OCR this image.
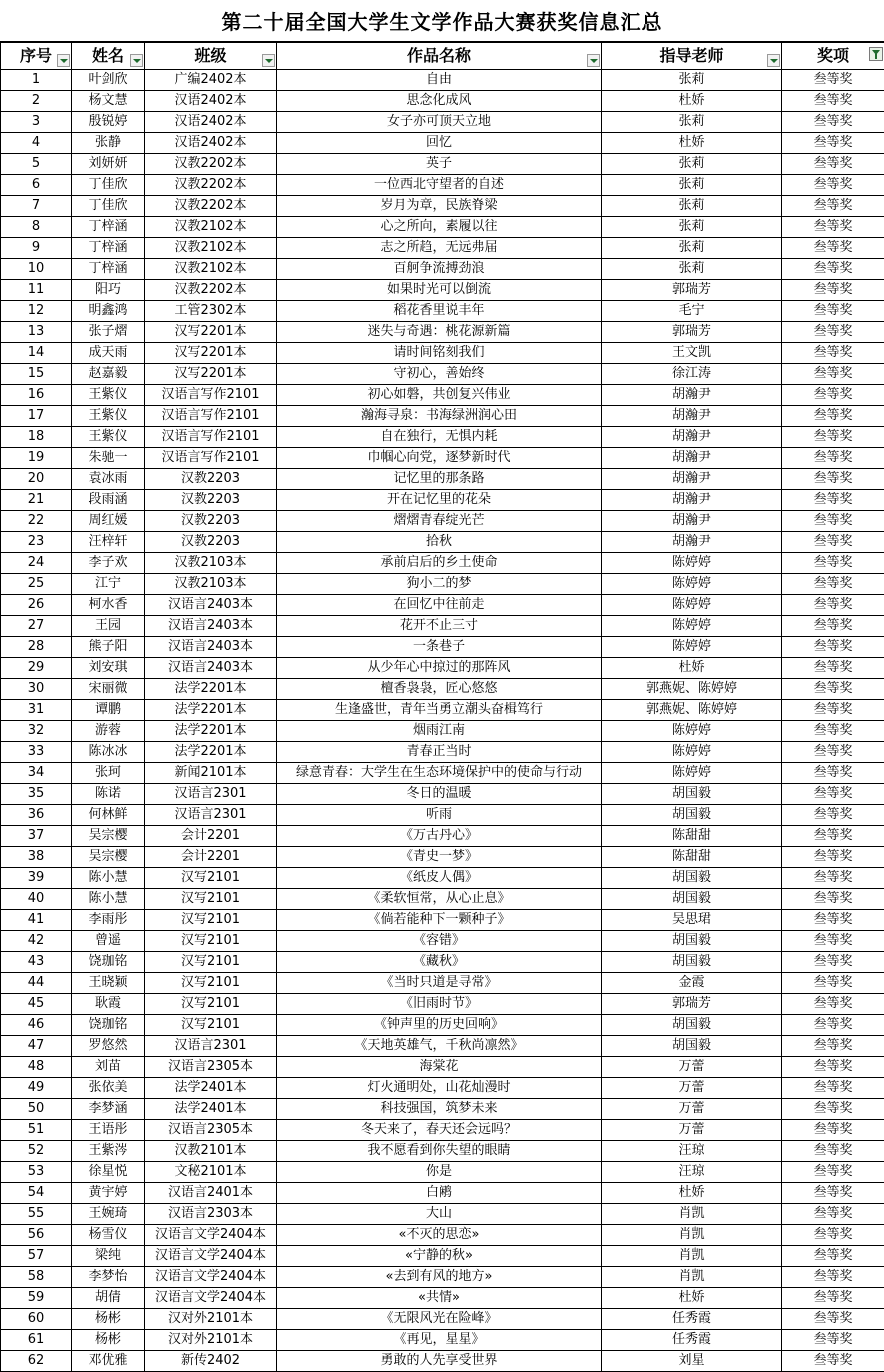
第二十届全国大学生文学作品大赛获奖信息汇总
序号	姓名	班级	作品名称	指导老师	奖项

1	叶剑欣	广编2402本	自由	张莉	叁等奖
2	杨文慧	汉语2402本	思念化成风	杜娇	叁等奖
3	殷锐婷	汉语2402本	女子亦可顶天立地	张莉	叁等奖
4	张静	汉语2402本	回忆	杜娇	叁等奖
5	刘妍妍	汉教2202本	英子	张莉	叁等奖
6	丁佳欣	汉教2202本	一位西北守望者的自述	张莉	叁等奖
7	丁佳欣	汉教2202本	岁月为章，民族脊梁	张莉	叁等奖
8	丁梓涵	汉教2102本	心之所向，素履以往	张莉	叁等奖
9	丁梓涵	汉教2102本	志之所趋，无远弗届	张莉	叁等奖
10	丁梓涵	汉教2102本	百舸争流搏劲浪	张莉	叁等奖
11	阳巧	汉教2202本	如果时光可以倒流	郭瑞芳	叁等奖
12	明鑫鸿	工管2302本	稻花香里说丰年	毛宁	叁等奖
13	张子熠	汉写2201本	迷失与奇遇：桃花源新篇	郭瑞芳	叁等奖
14	成天雨	汉写2201本	请时间铭刻我们	王文凯	叁等奖
15	赵嘉毅	汉写2201本	守初心，善始终	徐江涛	叁等奖
16	王紫仪	汉语言写作2101	初心如磐，共创复兴伟业	胡瀚尹	叁等奖
17	王紫仪	汉语言写作2101	瀚海寻泉：书海绿洲润心田	胡瀚尹	叁等奖
18	王紫仪	汉语言写作2101	自在独行，无惧内耗	胡瀚尹	叁等奖
19	朱驰一	汉语言写作2101	巾帼心向党，逐梦新时代	胡瀚尹	叁等奖
20	袁冰雨	汉教2203	记忆里的那条路	胡瀚尹	叁等奖
21	段雨涵	汉教2203	开在记忆里的花朵	胡瀚尹	叁等奖
22	周红媛	汉教2203	熠熠青春绽光芒	胡瀚尹	叁等奖
23	汪梓轩	汉教2203	拾秋	胡瀚尹	叁等奖
24	李子欢	汉教2103本	承前启后的乡土使命	陈婷婷	叁等奖
25	江宁	汉教2103本	狗小二的梦	陈婷婷	叁等奖
26	柯水香	汉语言2403本	在回忆中往前走	陈婷婷	叁等奖
27	王园	汉语言2403本	花开不止三寸	陈婷婷	叁等奖
28	熊子阳	汉语言2403本	一条巷子	陈婷婷	叁等奖
29	刘安琪	汉语言2403本	从少年心中掠过的那阵风	杜娇	叁等奖
30	宋丽微	法学2201本	檀香袅袅，匠心悠悠	郭燕妮、陈婷婷	叁等奖
31	谭鹏	法学2201本	生逢盛世，青年当勇立潮头奋楫笃行	郭燕妮、陈婷婷	叁等奖
32	游蓉	法学2201本	烟雨江南	陈婷婷	叁等奖
33	陈冰冰	法学2201本	青春正当时	陈婷婷	叁等奖
34	张珂	新闻2101本	绿意青春：大学生在生态环境保护中的使命与行动	陈婷婷	叁等奖
35	陈诺	汉语言2301	冬日的温暖	胡国毅	叁等奖
36	何林鲜	汉语言2301	听雨	胡国毅	叁等奖
37	吴宗樱	会计2201	《万古丹心》	陈甜甜	叁等奖
38	吴宗樱	会计2201	《青史一梦》	陈甜甜	叁等奖
39	陈小慧	汉写2101	《纸皮人偶》	胡国毅	叁等奖
40	陈小慧	汉写2101	《柔软恒常，从心止息》	胡国毅	叁等奖
41	李雨彤	汉写2101	《倘若能种下一颗种子》	吴思珺	叁等奖
42	曾遥	汉写2101	《容错》	胡国毅	叁等奖
43	饶珈铭	汉写2101	《藏秋》	胡国毅	叁等奖
44	王晓颖	汉写2101	《当时只道是寻常》	金霞	叁等奖
45	耿霞	汉写2101	《旧雨时节》	郭瑞芳	叁等奖
46	饶珈铭	汉写2101	《钟声里的历史回响》	胡国毅	叁等奖
47	罗悠然	汉语言2301	《天地英雄气，千秋尚凛然》	胡国毅	叁等奖
48	刘苗	汉语言2305本	海棠花	万蕾	叁等奖
49	张依美	法学2401本	灯火通明处，山花灿漫时	万蕾	叁等奖
50	李梦涵	法学2401本	科技强国，筑梦未来	万蕾	叁等奖
51	王语彤	汉语言2305本	冬天来了，春天还会远吗？	万蕾	叁等奖
52	王紫涔	汉教2101本	我不愿看到你失望的眼睛	汪琼	叁等奖
53	徐星悦	文秘2101本	你是	汪琼	叁等奖
54	黄宇婷	汉语言2401本	白鹇	杜娇	叁等奖
55	王婉琦	汉语言2303本	大山	肖凯	叁等奖
56	杨雪仪	汉语言文学2404本	«不灭的思恋»	肖凯	叁等奖
57	梁纯	汉语言文学2404本	«宁静的秋»	肖凯	叁等奖
58	李梦怡	汉语言文学2404本	«去到有风的地方»	肖凯	叁等奖
59	胡倩	汉语言文学2404本	«共情»	杜娇	叁等奖
60	杨彬	汉对外2101本	《无限风光在险峰》	任秀霞	叁等奖
61	杨彬	汉对外2101本	《再见，星星》	任秀霞	叁等奖
62	邓优雅	新传2402	勇敢的人先享受世界	刘星	叁等奖
